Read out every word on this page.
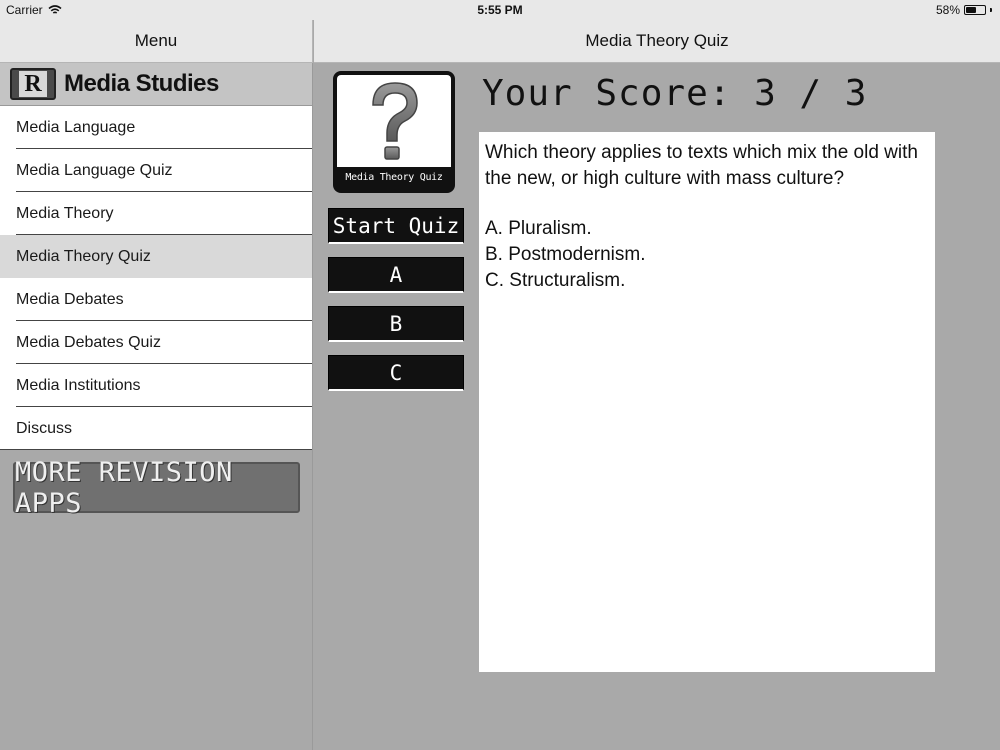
Carrier	5:55 PM	58%
Menu	Media Theory Quiz
R Media Studies
Media Language
Media Language Quiz
Media Theory
Media Theory Quiz
Media Debates
Media Debates Quiz
Media Institutions
Discuss
MORE REVISION APPS
Media Theory Quiz
Start Quiz
A
B
C
Your Score: 3 / 3
Which theory applies to texts which mix the old with the new, or high culture with mass culture?
A. Pluralism.
B. Postmodernism.
C. Structuralism.
